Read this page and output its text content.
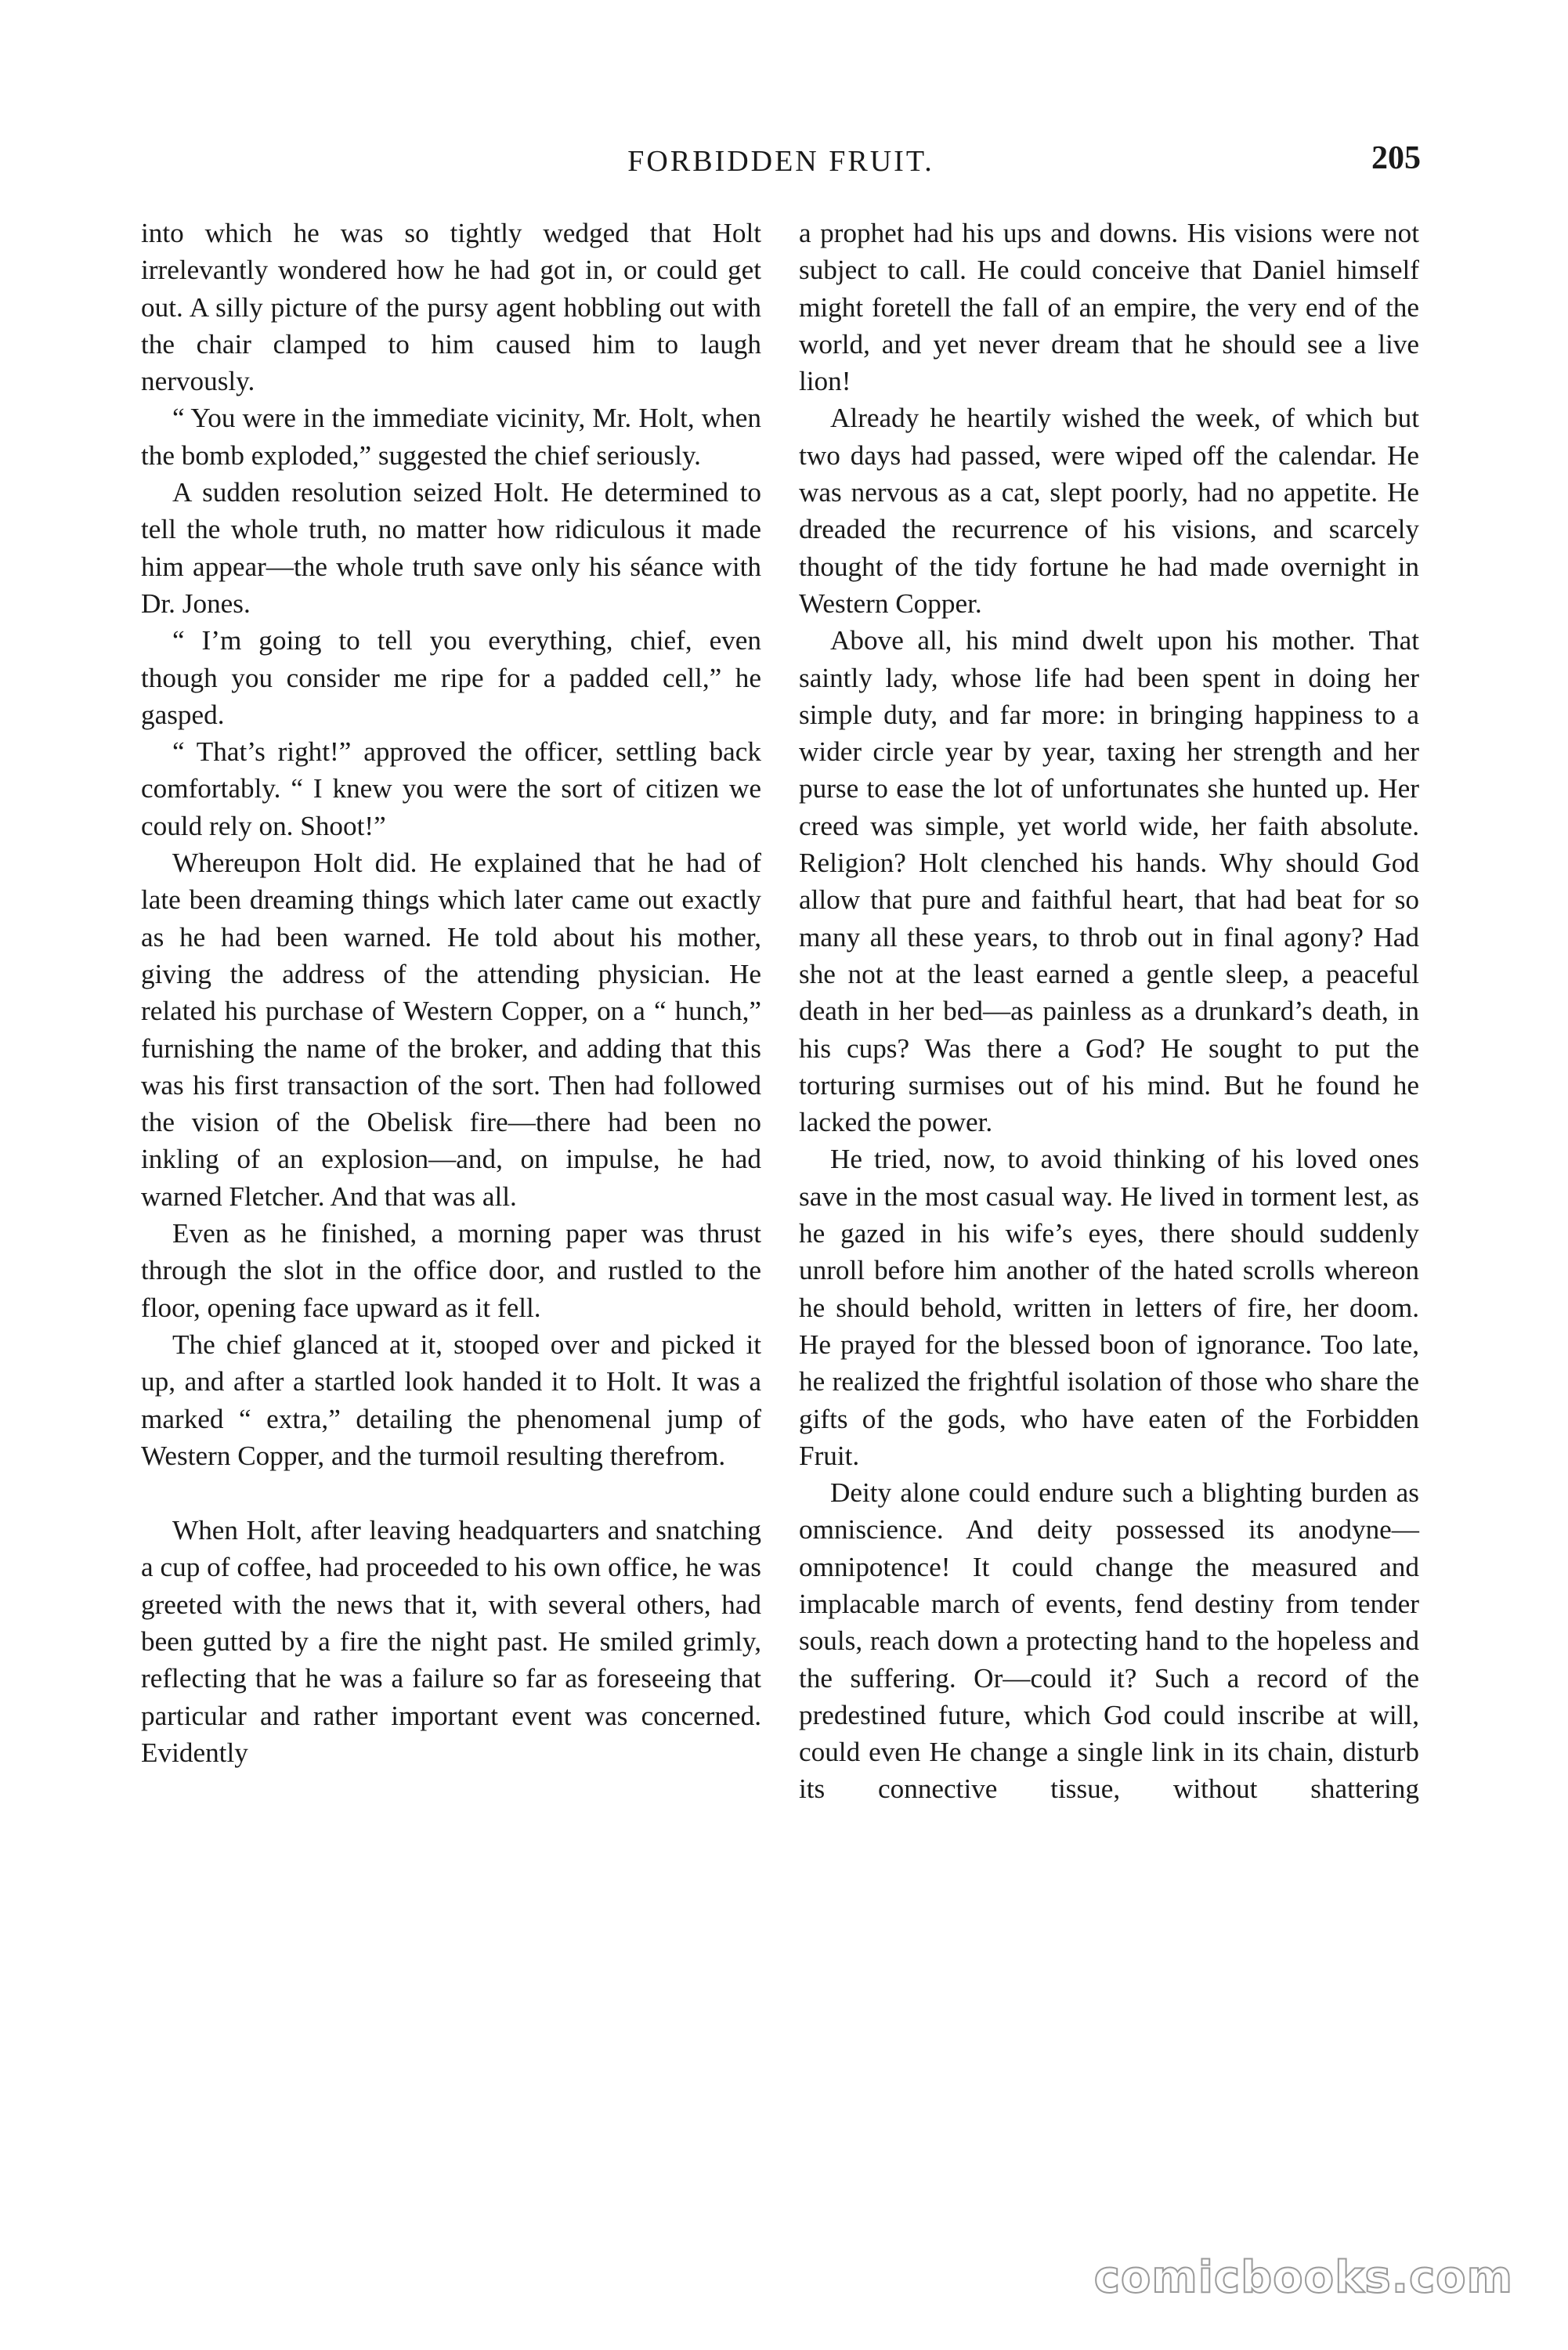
FORBIDDEN FRUIT.	205

into which he was so tightly wedged that Holt irrelevantly wondered how he had got in, or could get out. A silly picture of the pursy agent hobbling out with the chair clamped to him caused him to laugh nervously.

“ You were in the immediate vicinity, Mr. Holt, when the bomb exploded,” suggested the chief seriously.

A sudden resolution seized Holt. He determined to tell the whole truth, no matter how ridiculous it made him appear—the whole truth save only his séance with Dr. Jones.

“ I’m going to tell you everything, chief, even though you consider me ripe for a padded cell,” he gasped.

“ That’s right!” approved the officer, settling back comfortably. “ I knew you were the sort of citizen we could rely on. Shoot!”

Whereupon Holt did. He explained that he had of late been dreaming things which later came out exactly as he had been warned. He told about his mother, giving the address of the attending physician. He related his purchase of Western Copper, on a “ hunch,” furnishing the name of the broker, and adding that this was his first transaction of the sort. Then had followed the vision of the Obelisk fire—there had been no inkling of an explosion—and, on impulse, he had warned Fletcher. And that was all.

Even as he finished, a morning paper was thrust through the slot in the office door, and rustled to the floor, opening face upward as it fell.

The chief glanced at it, stooped over and picked it up, and after a startled look handed it to Holt. It was a marked “ extra,” detailing the phenomenal jump of Western Copper, and the turmoil resulting therefrom.

When Holt, after leaving headquarters and snatching a cup of coffee, had proceeded to his own office, he was greeted with the news that it, with several others, had been gutted by a fire the night past. He smiled grimly, reflecting that he was a failure so far as foreseeing that particular and rather important event was concerned. Evidently

a prophet had his ups and downs. His visions were not subject to call. He could conceive that Daniel himself might foretell the fall of an empire, the very end of the world, and yet never dream that he should see a live lion!

Already he heartily wished the week, of which but two days had passed, were wiped off the calendar. He was nervous as a cat, slept poorly, had no appetite. He dreaded the recurrence of his visions, and scarcely thought of the tidy fortune he had made overnight in Western Copper.

Above all, his mind dwelt upon his mother. That saintly lady, whose life had been spent in doing her simple duty, and far more: in bringing happiness to a wider circle year by year, taxing her strength and her purse to ease the lot of unfortunates she hunted up. Her creed was simple, yet world wide, her faith absolute. Religion? Holt clenched his hands. Why should God allow that pure and faithful heart, that had beat for so many all these years, to throb out in final agony? Had she not at the least earned a gentle sleep, a peaceful death in her bed—as painless as a drunkard’s death, in his cups? Was there a God? He sought to put the torturing surmises out of his mind. But he found he lacked the power.

He tried, now, to avoid thinking of his loved ones save in the most casual way. He lived in torment lest, as he gazed in his wife’s eyes, there should suddenly unroll before him another of the hated scrolls whereon he should behold, written in letters of fire, her doom. He prayed for the blessed boon of ignorance. Too late, he realized the frightful isolation of those who share the gifts of the gods, who have eaten of the Forbidden Fruit.

Deity alone could endure such a blighting burden as omniscience. And deity possessed its anodyne—omnipotence! It could change the measured and implacable march of events, fend destiny from tender souls, reach down a protecting hand to the hopeless and the suffering. Or—could it? Such a record of the predestined future, which God could inscribe at will, could even He change a single link in its chain, disturb its connective tissue, without shattering

comicbooks.com
